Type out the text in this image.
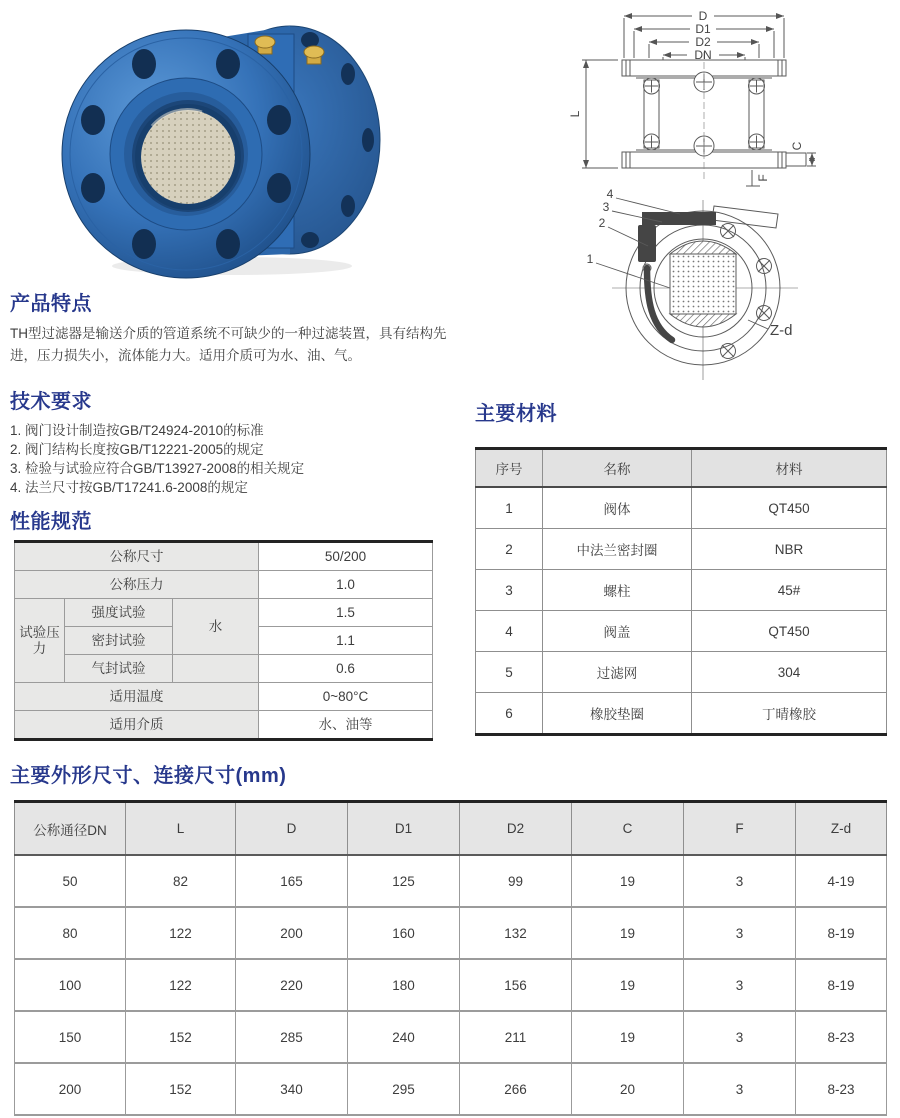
D
D1
D2
DN
L
C
F
4
3
2
1
Z-d
产品特点

TH型过滤器是输送介质的管道系统不可缺少的一种过滤装置，具有结构先进，压力损失小，流体能力大。适用介质可为水、油、气。

技术要求
1. 阀门设计制造按GB/T24924-2010的标准
2. 阀门结构长度按GB/T12221-2005的规定
3. 检验与试验应符合GB/T13927-2008的相关规定
4. 法兰尺寸按GB/T17241.6-2008的规定
性能规范
公称尺寸			50/200
公称压力			1.0
试验压力	强度试验	水	1.5
	密封试验		1.1
	气封试验		0.6
适用温度			0~80°C
适用介质			水、油等
主要材料
序号	名称	材料
1	阀体	QT450
2	中法兰密封圈	NBR
3	螺柱	45#
4	阀盖	QT450
5	过滤网	304
6	橡胶垫圈	丁晴橡胶
主要外形尺寸、连接尺寸(mm)
公称通径DN	L	D	D1	D2	C	F	Z-d
50	82	165	125	99	19	3	4-19
80	122	200	160	132	19	3	8-19
100	122	220	180	156	19	3	8-19
150	152	285	240	211	19	3	8-23
200	152	340	295	266	20	3	8-23
